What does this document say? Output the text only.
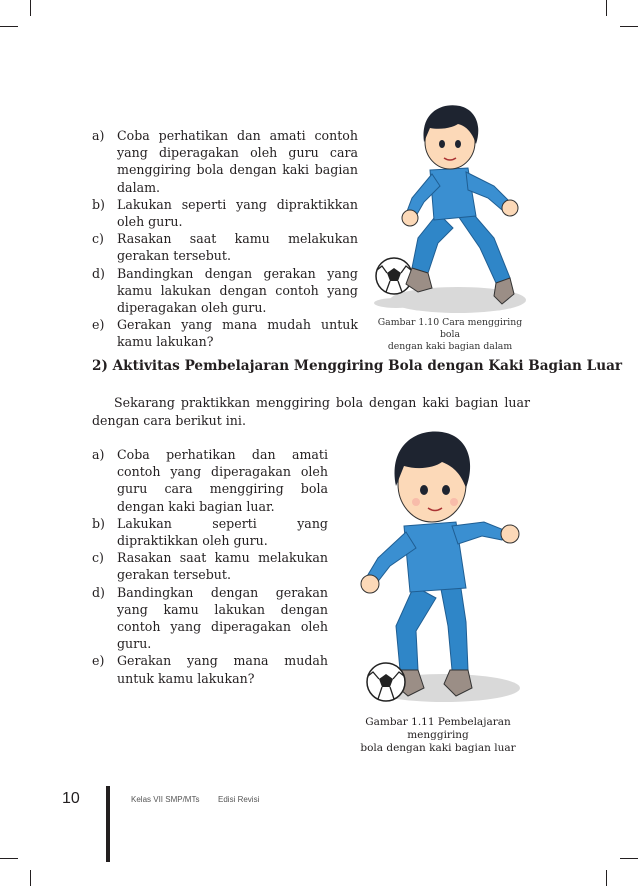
a) Coba perhatikan dan amati contoh yang diperagakan oleh guru cara menggiring bola dengan kaki bagian dalam.
b) Lakukan seperti yang dipraktikkan oleh guru.
c) Rasakan saat kamu melakukan gerakan tersebut.
d) Bandingkan dengan gerakan yang kamu lakukan dengan contoh yang diperagakan oleh guru.
e) Gerakan yang mana mudah untuk kamu lakukan?
Gambar 1.10 Cara menggiring bola
dengan kaki bagian dalam
2) Aktivitas Pembelajaran Menggiring Bola dengan Kaki Bagian Luar

Sekarang praktikkan menggiring bola dengan kaki bagian luar dengan cara berikut ini.

a) Coba perhatikan dan amati contoh yang diperagakan oleh guru cara menggiring bola dengan kaki bagian luar.
b) Lakukan seperti yang dipraktikkan oleh guru.
c) Rasakan saat kamu melakukan gerakan tersebut.
d) Bandingkan dengan gerakan yang kamu lakukan dengan contoh yang diperagakan oleh guru.
e) Gerakan yang mana mudah untuk kamu lakukan?
Gambar 1.11 Pembelajaran menggiring
bola dengan kaki bagian luar
10	Kelas VII SMP/MTs Edisi Revisi
